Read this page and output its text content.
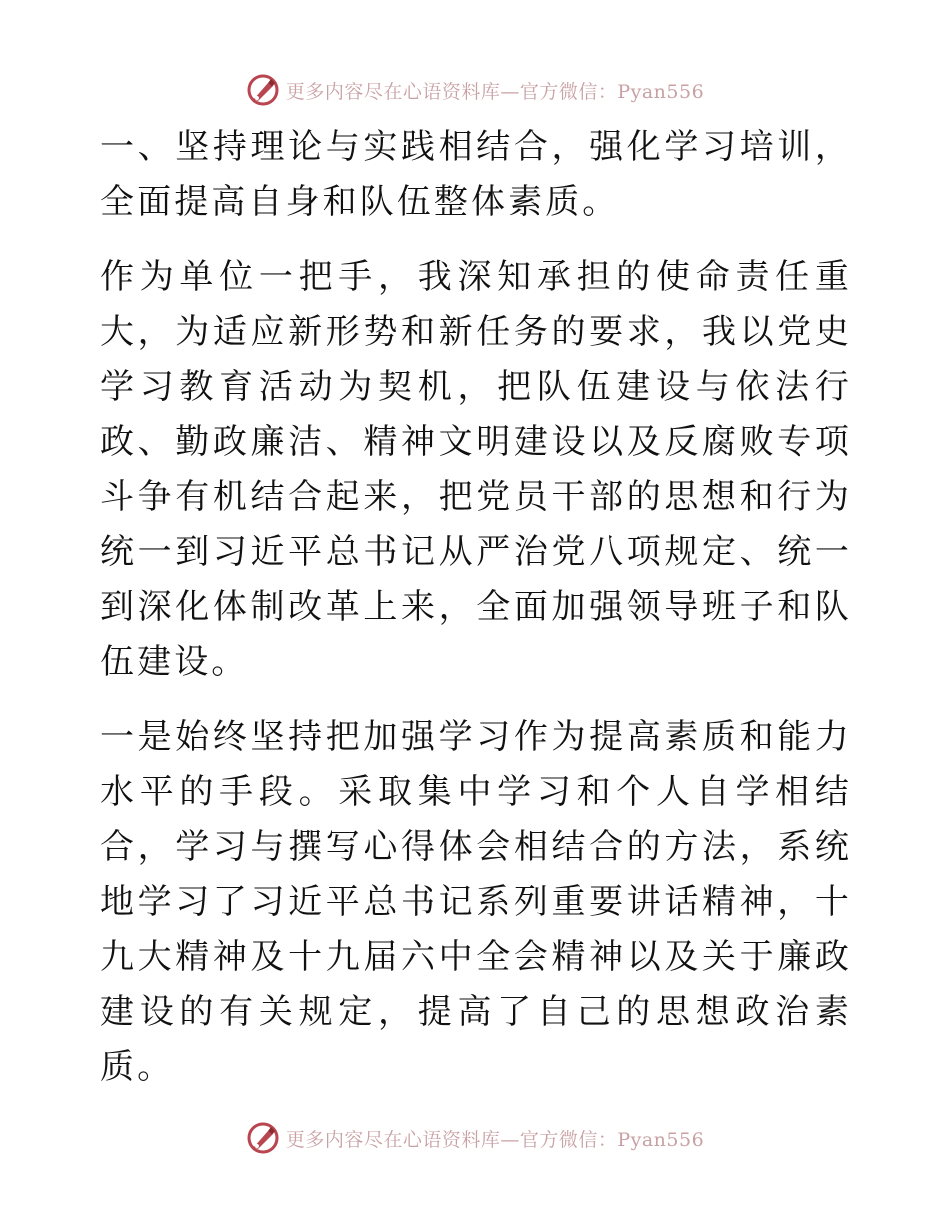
更多内容尽在心语资料库—官方微信：Pyan556

一、坚持理论与实践相结合，强化学习培训，全面提高自身和队伍整体素质。

作为单位一把手，我深知承担的使命责任重大，为适应新形势和新任务的要求，我以党史学习教育活动为契机，把队伍建设与依法行政、勤政廉洁、精神文明建设以及反腐败专项斗争有机结合起来，把党员干部的思想和行为统一到习近平总书记从严治党八项规定、统一到深化体制改革上来，全面加强领导班子和队伍建设。

一是始终坚持把加强学习作为提高素质和能力水平的手段。采取集中学习和个人自学相结合，学习与撰写心得体会相结合的方法，系统地学习了习近平总书记系列重要讲话精神，十九大精神及十九届六中全会精神以及关于廉政建设的有关规定，提高了自己的思想政治素质。

更多内容尽在心语资料库—官方微信：Pyan556
